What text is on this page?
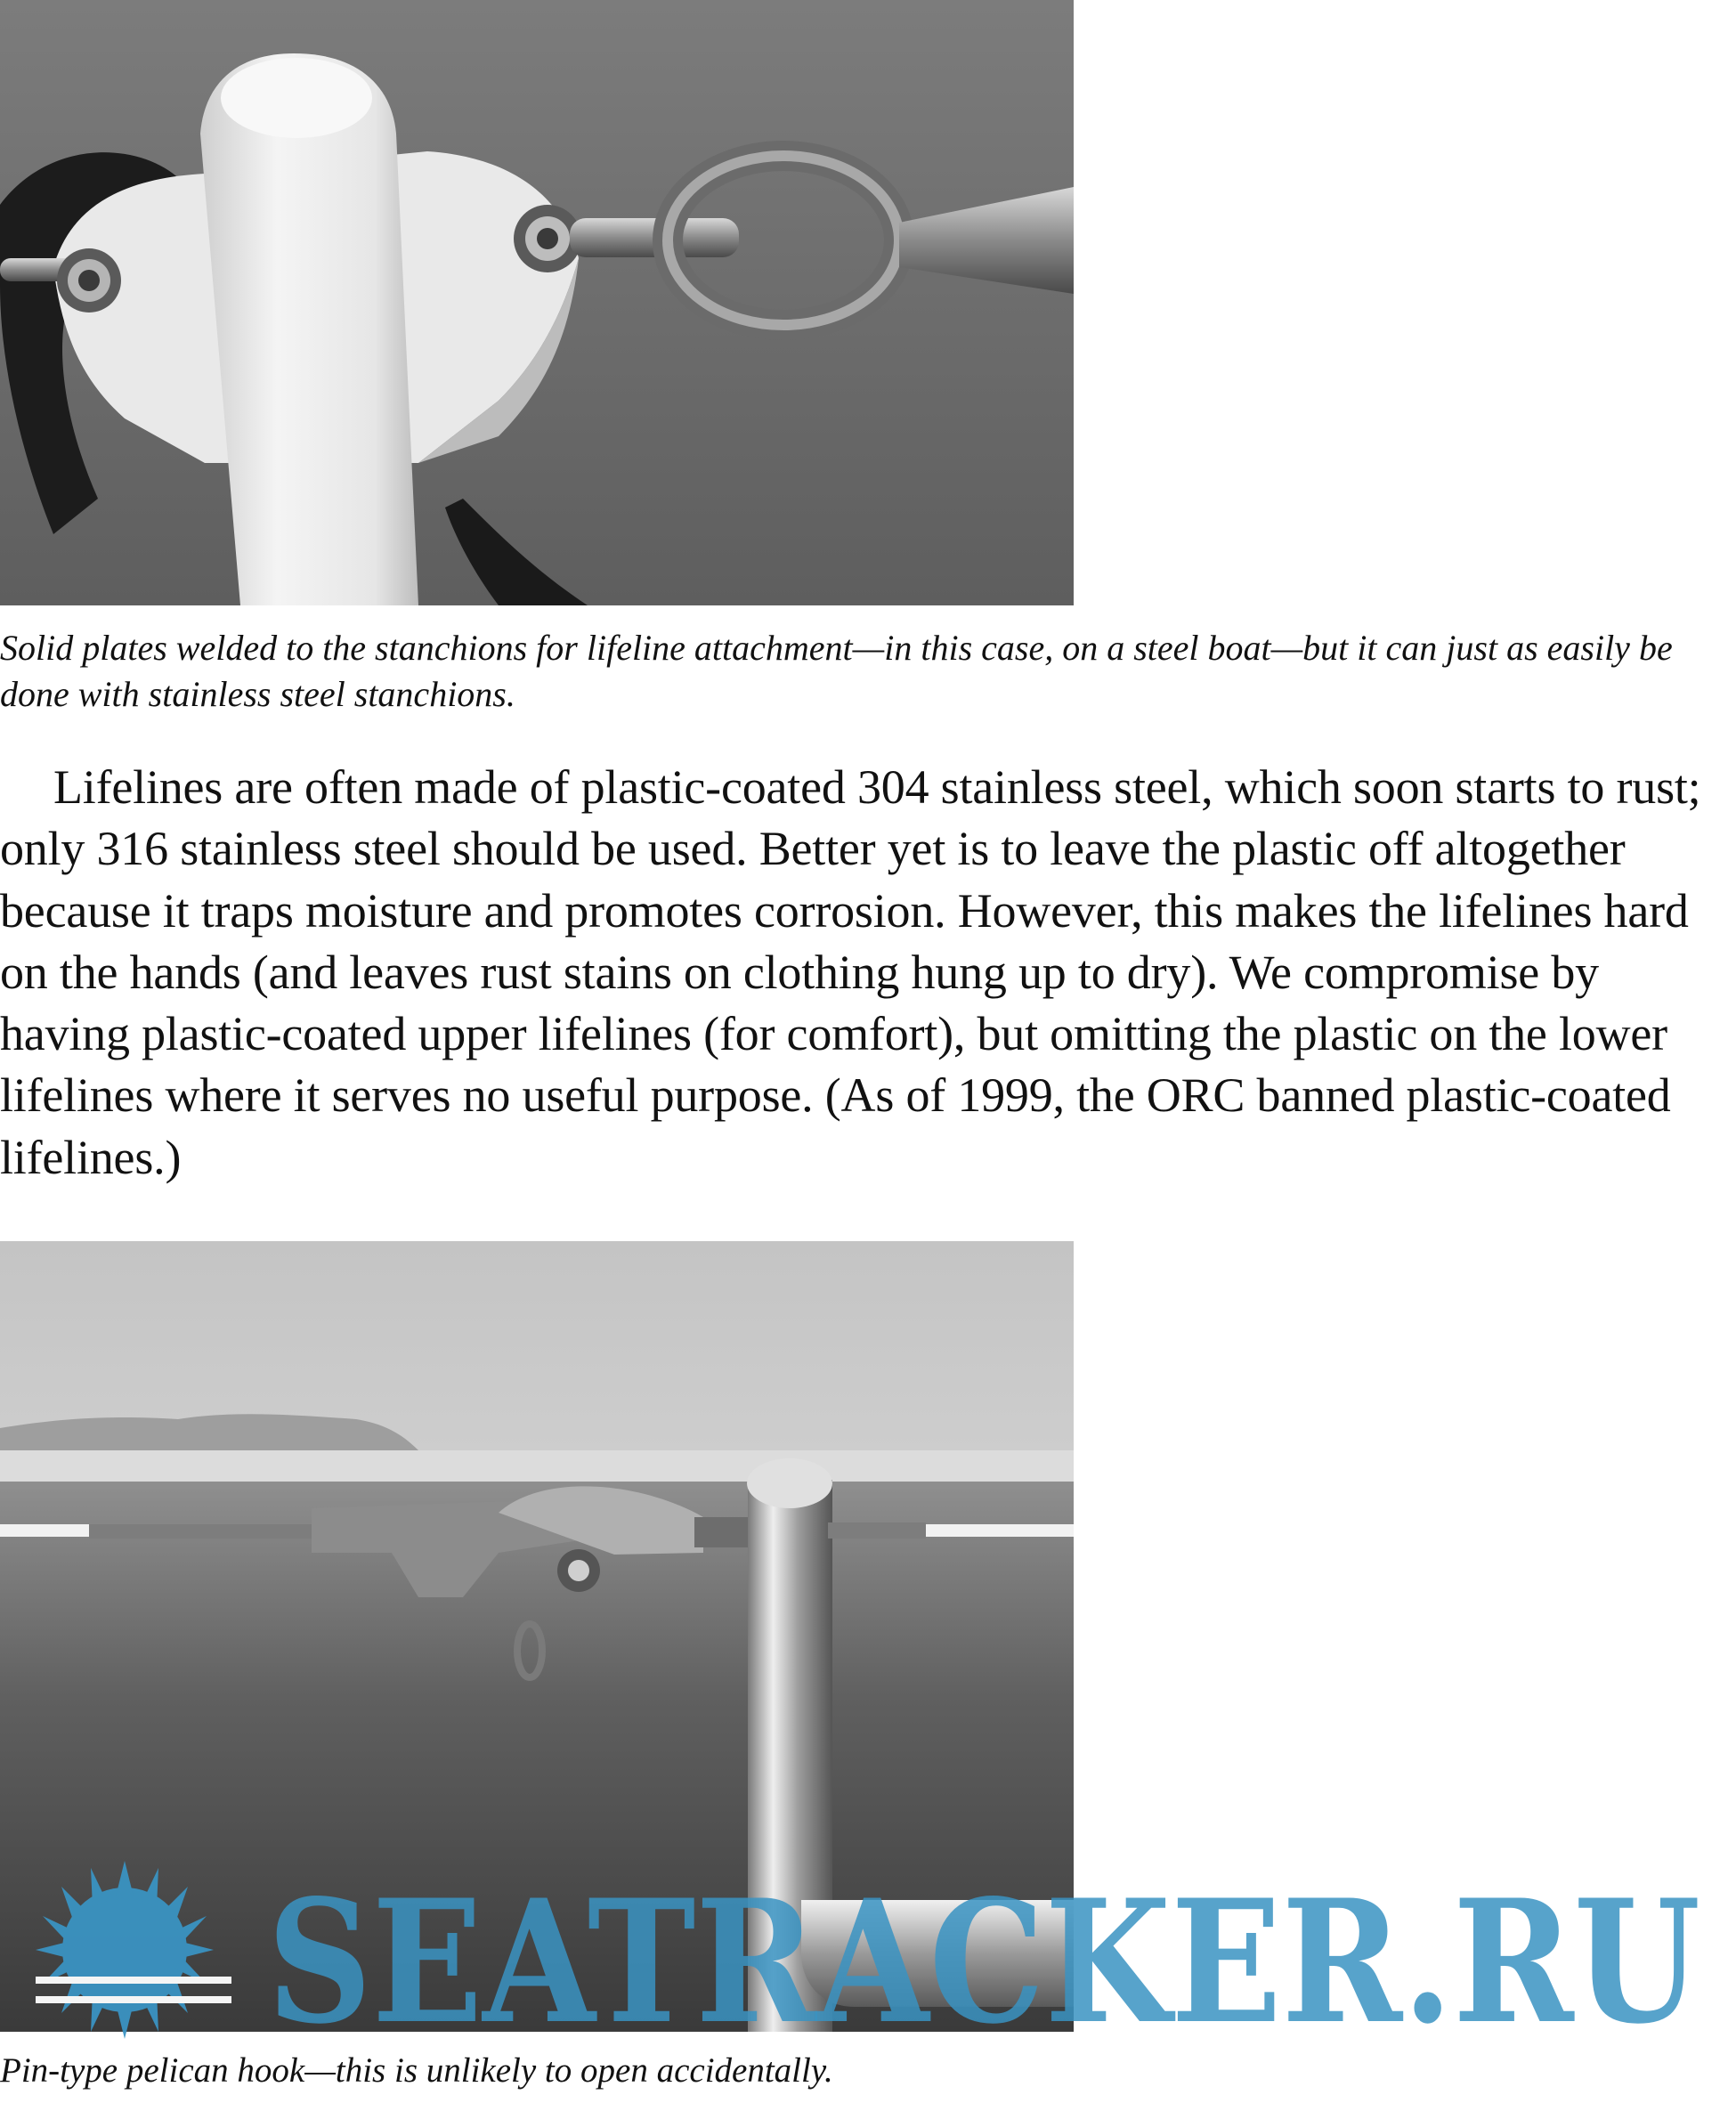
Solid plates welded to the stanchions for lifeline attachment—in this case, on a steel boat—but it can just as easily be done with stainless steel stanchions.

Lifelines are often made of plastic-coated 304 stainless steel, which soon starts to rust; only 316 stainless steel should be used. Better yet is to leave the plastic off altogether because it traps moisture and promotes corrosion. However, this makes the lifelines hard on the hands (and leaves rust stains on clothing hung up to dry). We compromise by having plastic-coated upper lifelines (for comfort), but omitting the plastic on the lower lifelines where it serves no useful purpose. (As of 1999, the ORC banned plastic-coated lifelines.)

SEATRACKER.RU

Pin-type pelican hook—this is unlikely to open accidentally.
